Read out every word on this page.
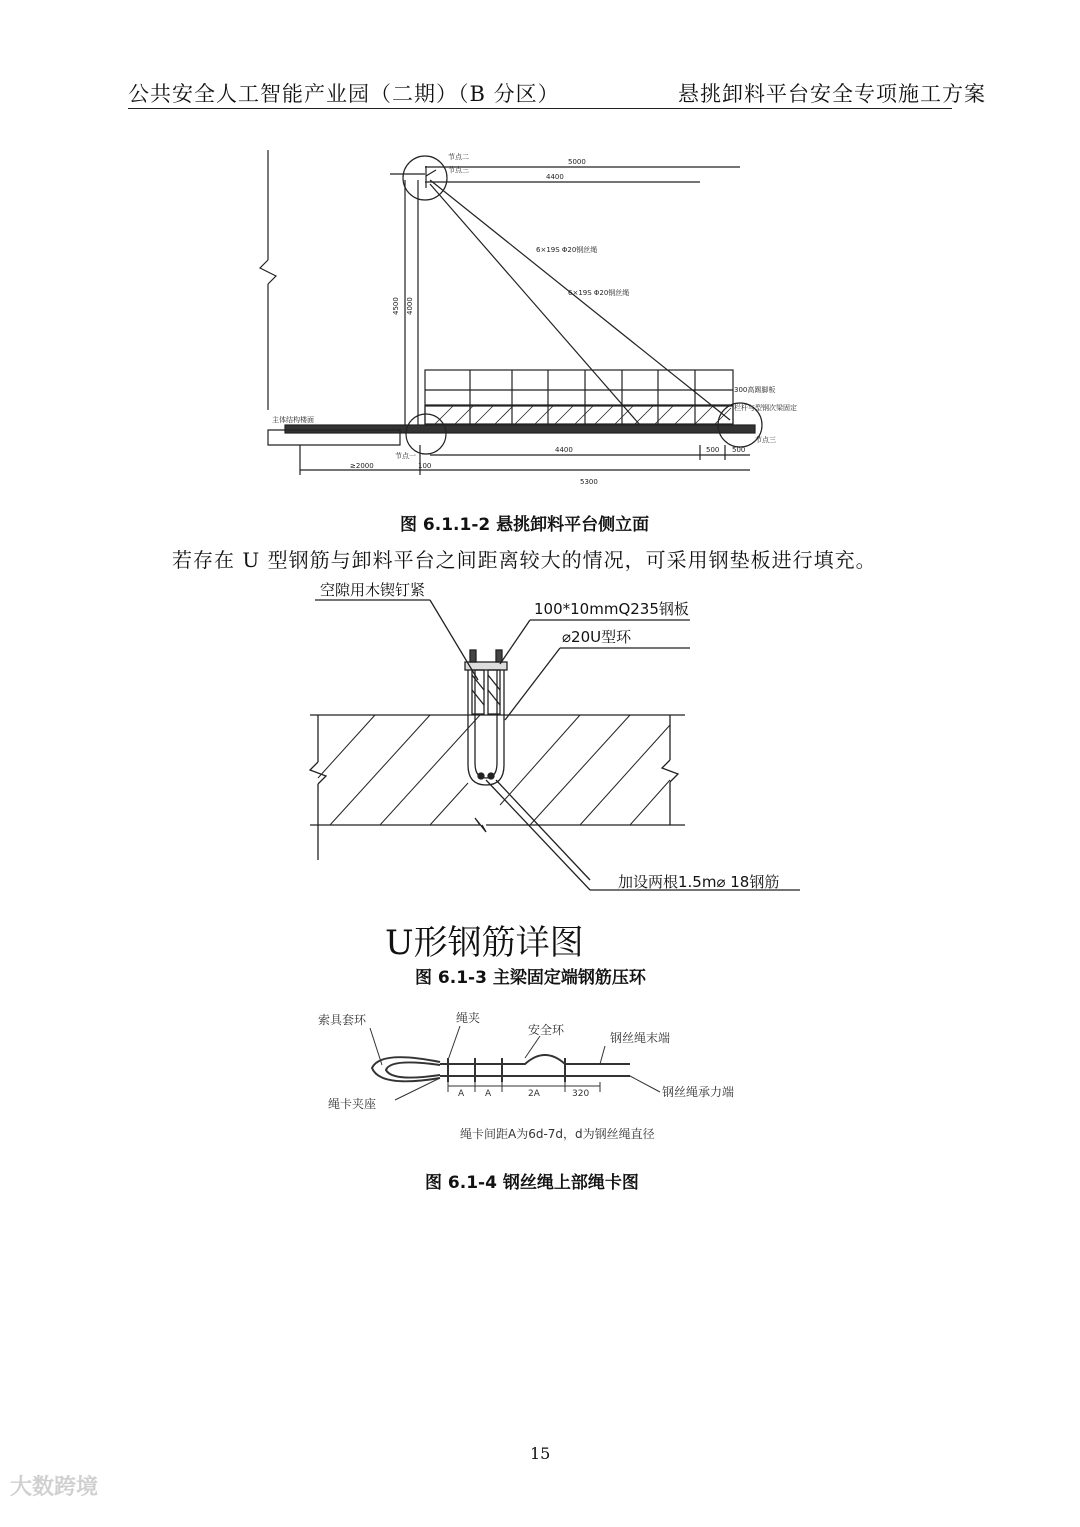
公共安全人工智能产业园（二期）（B 分区）	悬挑卸料平台安全专项施工方案
节点二
节点三
5000
4400
6×19S Φ20钢丝绳
6×19S Φ20钢丝绳
4500 4000
300高踢脚板
栏杆与型钢次梁固定
主体结构楼面
节点三
节点一
4400	500 500
≥2000	100
5300
图 6.1.1-2 悬挑卸料平台侧立面
若存在 U 型钢筋与卸料平台之间距离较大的情况，可采用钢垫板进行填充。
空隙用木锲钉紧
100*10mmQ235钢板
⌀20U型环
加设两根1.5m⌀ 18钢筋
U形钢筋详图
图 6.1-3 主梁固定端钢筋压环
索具套环	绳夹
安全环
钢丝绳末端
绳卡夹座
钢丝绳承力端
A A	2A	320
绳卡间距A为6d-7d，d为钢丝绳直径
图 6.1-4 钢丝绳上部绳卡图
15
大数跨境
